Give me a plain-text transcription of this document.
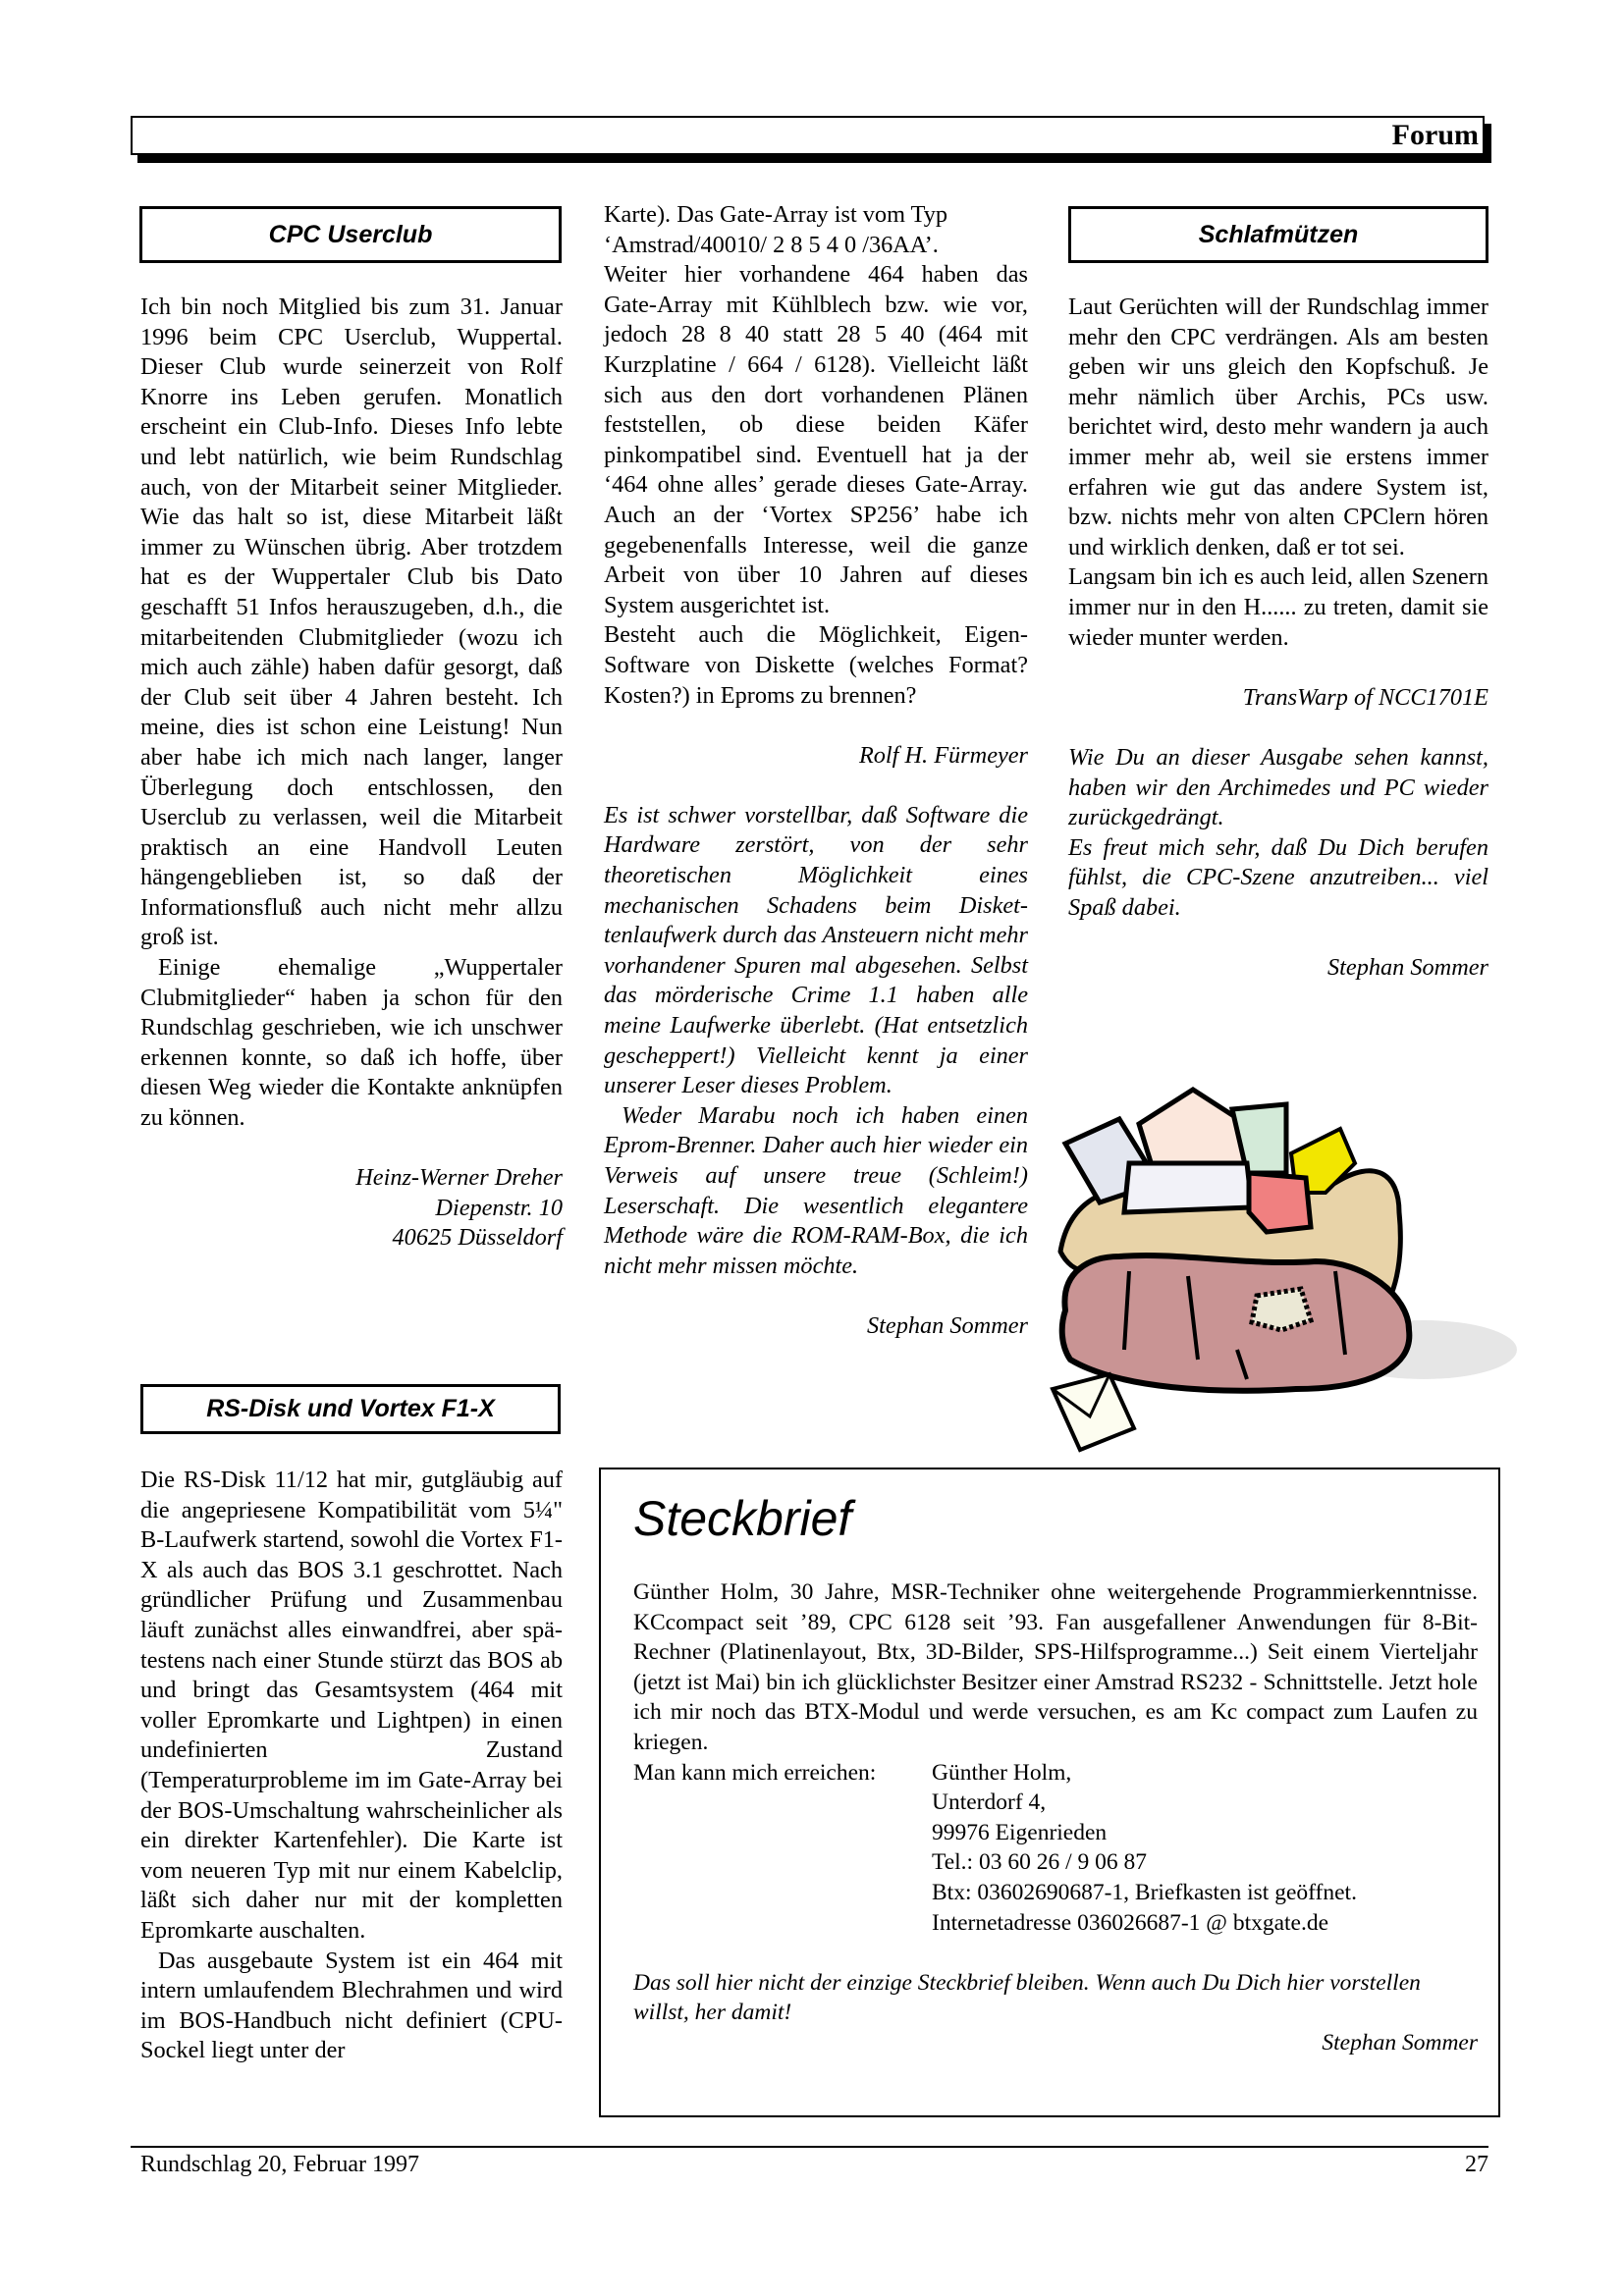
Forum
CPC Userclub

Ich bin noch Mitglied bis zum 31. Januar 1996 beim CPC Userclub, Wuppertal. Dieser Club wurde seinerzeit von Rolf Knorre ins Leben gerufen. Monatlich erscheint ein Club-Info. Dieses Info lebte und lebt natürlich, wie beim Rundschlag auch, von der Mitarbeit seiner Mitglieder. Wie das halt so ist, diese Mitarbeit läßt immer zu Wünschen übrig. Aber trotzdem hat es der Wuppertaler Club bis Dato geschafft 51 Infos herauszugeben, d.h., die mitarbeitenden Clubmitglieder (wozu ich mich auch zähle) haben dafür gesorgt, daß der Club seit über 4 Jahren besteht. Ich meine, dies ist schon eine Leistung! Nun aber habe ich mich nach langer, langer Überlegung doch entschlossen, den Userclub zu verlassen, weil die Mitarbeit praktisch an eine Handvoll Leuten hängengeblieben ist, so daß der Informationsfluß auch nicht mehr allzu groß ist.

Einige ehemalige „Wuppertaler Clubmitglieder“ haben ja schon für den Rundschlag geschrieben, wie ich unschwer erkennen konnte, so daß ich hoffe, über diesen Weg wieder die Kontakte anknüpfen zu können.

Heinz-Werner Dreher
Diepenstr. 10
40625 Düsseldorf
RS-Disk und Vortex F1-X

Die RS-Disk 11/12 hat mir, gutgläubig auf die angepriesene Kompatibilität vom 5¼" B-Laufwerk startend, sowohl die Vortex F1-X als auch das BOS 3.1 geschrottet. Nach gründlicher Prüfung und Zusammenbau läuft zunächst alles einwandfrei, aber spätestens nach einer Stunde stürzt das BOS ab und bringt das Gesamtsystem (464 mit voller Epromkarte und Lightpen) in einen undefinierten Zustand (Temperaturprobleme im im Gate-Array bei der BOS-Umschaltung wahrscheinlicher als ein direkter Kartenfehler). Die Karte ist vom neueren Typ mit nur einem Kabelclip, läßt sich daher nur mit der kompletten Epromkarte auschalten.

Das ausgebaute System ist ein 464 mit intern umlaufendem Blechrahmen und wird im BOS-Handbuch nicht definiert (CPU-Sockel liegt unter der

Karte). Das Gate-Array ist vom Typ ‘Amstrad/40010/ 2 8 5 4 0 /36AA’.

Weiter hier vorhandene 464 haben das Gate-Array mit Kühlblech bzw. wie vor, jedoch 28 8 40 statt 28 5 40 (464 mit Kurzplatine / 664 / 6128). Vielleicht läßt sich aus den dort vorhandenen Plänen feststellen, ob diese beiden Käfer pinkompatibel sind. Eventuell hat ja der ‘464 ohne alles’ gerade dieses Gate-Array. Auch an der ‘Vortex SP256’ habe ich gegebenenfalls Interesse, weil die ganze Arbeit von über 10 Jahren auf dieses System ausgerichtet ist.

Besteht auch die Möglichkeit, Eigen-Software von Diskette (welches Format? Kosten?) in Eproms zu brennen?

Rolf H. Fürmeyer

Es ist schwer vorstellbar, daß Software die Hardware zerstört, von der sehr theoretischen Möglichkeit eines mechanischen Schadens beim Diskettenlaufwerk durch das Ansteuern nicht mehr vorhandener Spuren mal abgesehen. Selbst das mörderische Crime 1.1 haben alle meine Laufwerke überlebt. (Hat entsetzlich gescheppert!) Vielleicht kennt ja einer unserer Leser dieses Problem.

Weder Marabu noch ich haben einen Eprom-Brenner. Daher auch hier wieder ein Verweis auf unsere treue (Schleim!) Leserschaft. Die wesentlich elegantere Methode wäre die ROM-RAM-Box, die ich nicht mehr missen möchte.

Stephan Sommer
Schlafmützen

Laut Gerüchten will der Rundschlag immer mehr den CPC verdrängen. Als am besten geben wir uns gleich den Kopfschuß. Je mehr nämlich über Archis, PCs usw. berichtet wird, desto mehr wandern ja auch immer mehr ab, weil sie erstens immer erfahren wie gut das andere System ist, bzw. nichts mehr von alten CPClern hören und wirklich denken, daß er tot sei.

Langsam bin ich es auch leid, allen Szenern immer nur in den H...... zu treten, damit sie wieder munter werden.

TransWarp of NCC1701E

Wie Du an dieser Ausgabe sehen kannst, haben wir den Archimedes und PC wieder zurückgedrängt.

Es freut mich sehr, daß Du Dich berufen fühlst, die CPC-Szene anzutreiben... viel Spaß dabei.

Stephan Sommer
Steckbrief

Günther Holm, 30 Jahre, MSR-Techniker ohne weitergehende Programmierkenntnisse. KCcompact seit ’89, CPC 6128 seit ’93. Fan ausgefallener Anwendungen für 8-Bit-Rechner (Platinenlayout, Btx, 3D-Bilder, SPS-Hilfsprogramme...) Seit einem Vierteljahr (jetzt ist Mai) bin ich glücklichster Besitzer einer Amstrad RS232 - Schnittstelle. Jetzt hole ich mir noch das BTX-Modul und werde versuchen, es am Kc compact zum Laufen zu kriegen.

Man kann mich erreichen:	Günther Holm,
Unterdorf 4,
99976 Eigenrieden
Tel.: 03 60 26 / 9 06 87
Btx: 03602690687-1, Briefkasten ist geöffnet.
Internetadresse 036026687-1 @ btxgate.de

Das soll hier nicht der einzige Steckbrief bleiben. Wenn auch Du Dich hier vorstellen willst, her damit!

Stephan Sommer
Rundschlag 20, Februar 1997	27
